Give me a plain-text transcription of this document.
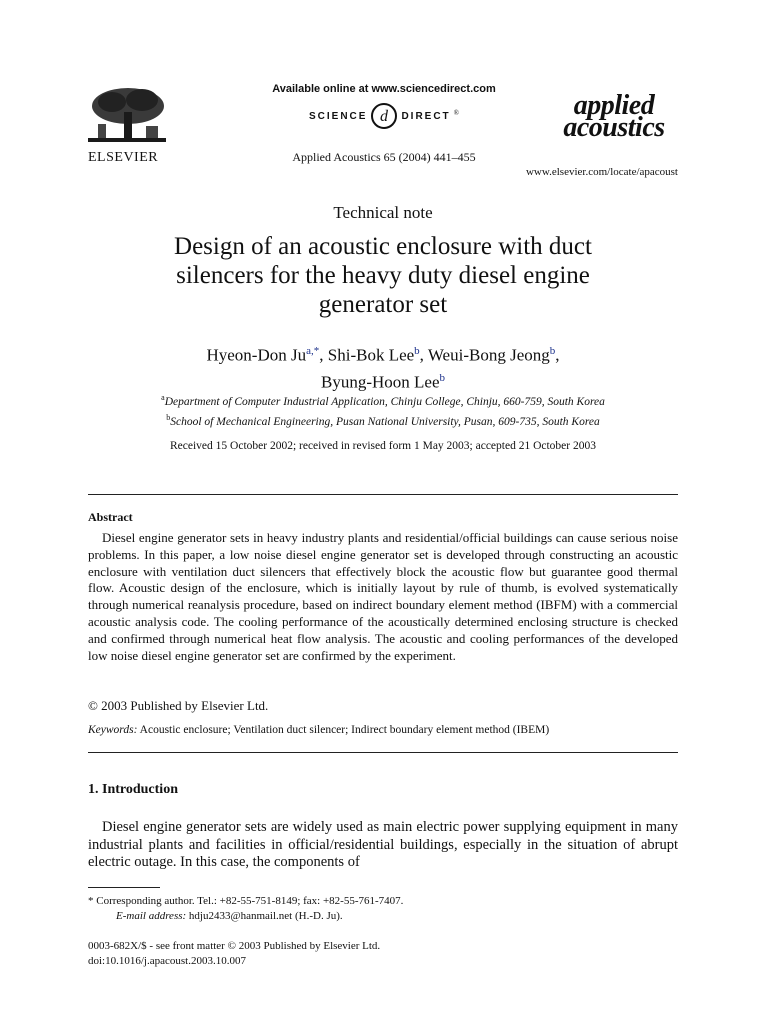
ELSEVIER
Available online at www.sciencedirect.com
SCIENCE d DIRECT ®
Applied Acoustics 65 (2004) 441–455
applied
acoustics
www.elsevier.com/locate/apacoust
Technical note
Design of an acoustic enclosure with duct
silencers for the heavy duty diesel engine
generator set
Hyeon-Don $Ju^{a,*}$, Shi-Bok Lee$^b$, Weui-Bong Jeong$^b$,
Byung-Hoon Lee$^b$
$^a$Department of Computer Industrial Application, Chinju College, Chinju, 660-759, South Korea
$^b$School of Mechanical Engineering, Pusan National University, Pusan, 609-735, South Korea
Received 15 October 2002; received in revised form 1 May 2003; accepted 21 October 2003
Abstract

Diesel engine generator sets in heavy industry plants and residential/official buildings can cause serious noise problems. In this paper, a low noise diesel engine generator set is developed through constructing an acoustic enclosure with ventilation duct silencers that effectively block the acoustic flow but guarantee good thermal flow. Acoustic design of the enclosure, which is initially layout by rule of thumb, is evolved systematically through numerical reanalysis procedure, based on indirect boundary element method (IBFM) with a commercial acoustic analysis code. The cooling performance of the acoustically determined enclosing structure is checked and confirmed through numerical heat flow analysis. The acoustic and cooling performances of the developed low noise diesel engine generator set are confirmed by the experiment.

© 2003 Published by Elsevier Ltd.
Keywords: Acoustic enclosure; Ventilation duct silencer; Indirect boundary element method (IBEM)
1. Introduction

Diesel engine generator sets are widely used as main electric power supplying equipment in many industrial plants and facilities in official/residential buildings, especially in the situation of abrupt electric outage. In this case, the components of

* Corresponding author. Tel.: +82-55-751-8149; fax: +82-55-761-7407.
E-mail address: hdju2433@hanmail.net (H.-D. Ju).
0003-682X/$ - see front matter © 2003 Published by Elsevier Ltd.
doi:10.1016/j.apacoust.2003.10.007
